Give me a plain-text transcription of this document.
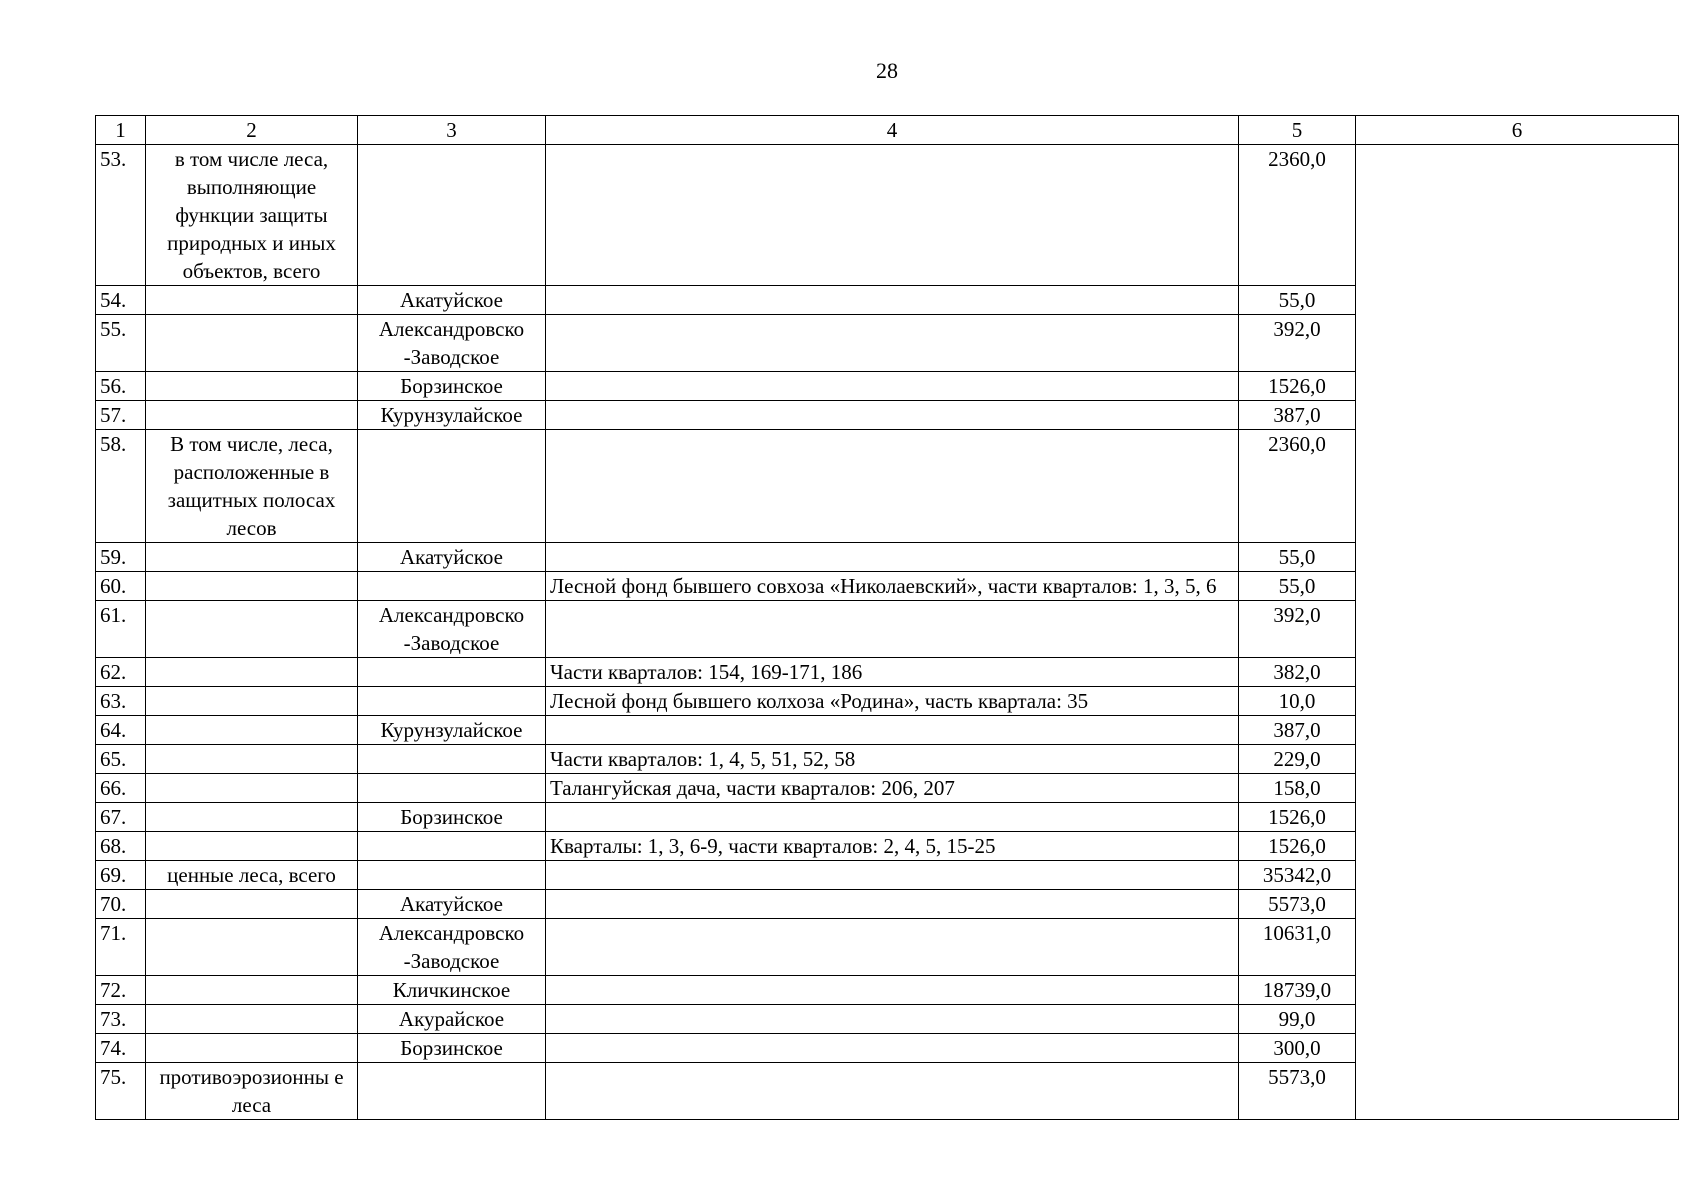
28
1	2	3	4	5	6
53.	в том числе леса, выполняющие функции защиты природных и иных объектов, всего			2360,0	
54.		Акатуйское		55,0	
55.		Александровско -Заводское		392,0	
56.		Борзинское		1526,0	
57.		Курунзулайское		387,0	
58.	В том числе, леса, расположенные в защитных полосах лесов			2360,0	
59.		Акатуйское		55,0	
60.			Лесной фонд бывшего совхоза «Николаевский», части кварталов: 1, 3, 5, 6	55,0	
61.		Александровско -Заводское		392,0	
62.			Части кварталов: 154, 169-171, 186	382,0	
63.			Лесной фонд бывшего колхоза «Родина», часть квартала: 35	10,0	
64.		Курунзулайское		387,0	
65.			Части кварталов: 1, 4, 5, 51, 52, 58	229,0	
66.			Талангуйская дача, части кварталов: 206, 207	158,0	
67.		Борзинское		1526,0	
68.			Кварталы: 1, 3, 6-9, части кварталов: 2, 4, 5, 15-25	1526,0	
69.	ценные леса, всего			35342,0	
70.		Акатуйское		5573,0	
71.		Александровско -Заводское		10631,0	
72.		Кличкинское		18739,0	
73.		Акурайское		99,0	
74.		Борзинское		300,0	
75.	противоэрозионны е леса			5573,0	
